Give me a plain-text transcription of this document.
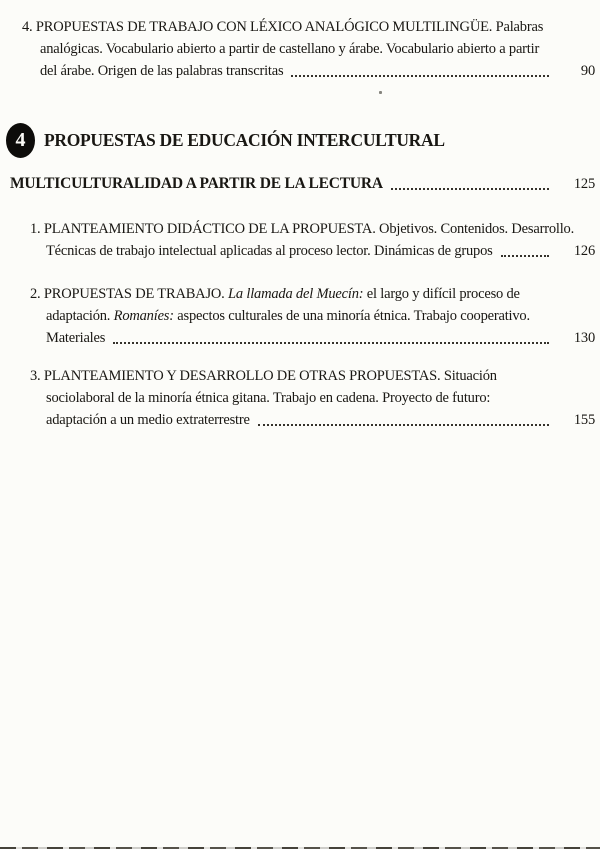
4. PROPUESTAS DE TRABAJO CON LÉXICO ANALÓGICO MULTILINGÜE. Palabras
analógicas. Vocabulario abierto a partir de castellano y árabe. Vocabulario abierto a partir
del árabe. Origen de las palabras transcritas	90
4 PROPUESTAS DE EDUCACIÓN INTERCULTURAL
MULTICULTURALIDAD A PARTIR DE LA LECTURA	125
1. PLANTEAMIENTO DIDÁCTICO DE LA PROPUESTA. Objetivos. Contenidos. Desarrollo.
Técnicas de trabajo intelectual aplicadas al proceso lector. Dinámicas de grupos	126
2. PROPUESTAS DE TRABAJO. La llamada del Muecín: el largo y difícil proceso de
adaptación. Romaníes: aspectos culturales de una minoría étnica. Trabajo cooperativo.
Materiales	130
3. PLANTEAMIENTO Y DESARROLLO DE OTRAS PROPUESTAS. Situación
sociolaboral de la minoría étnica gitana. Trabajo en cadena. Proyecto de futuro:
adaptación a un medio extraterrestre	155
